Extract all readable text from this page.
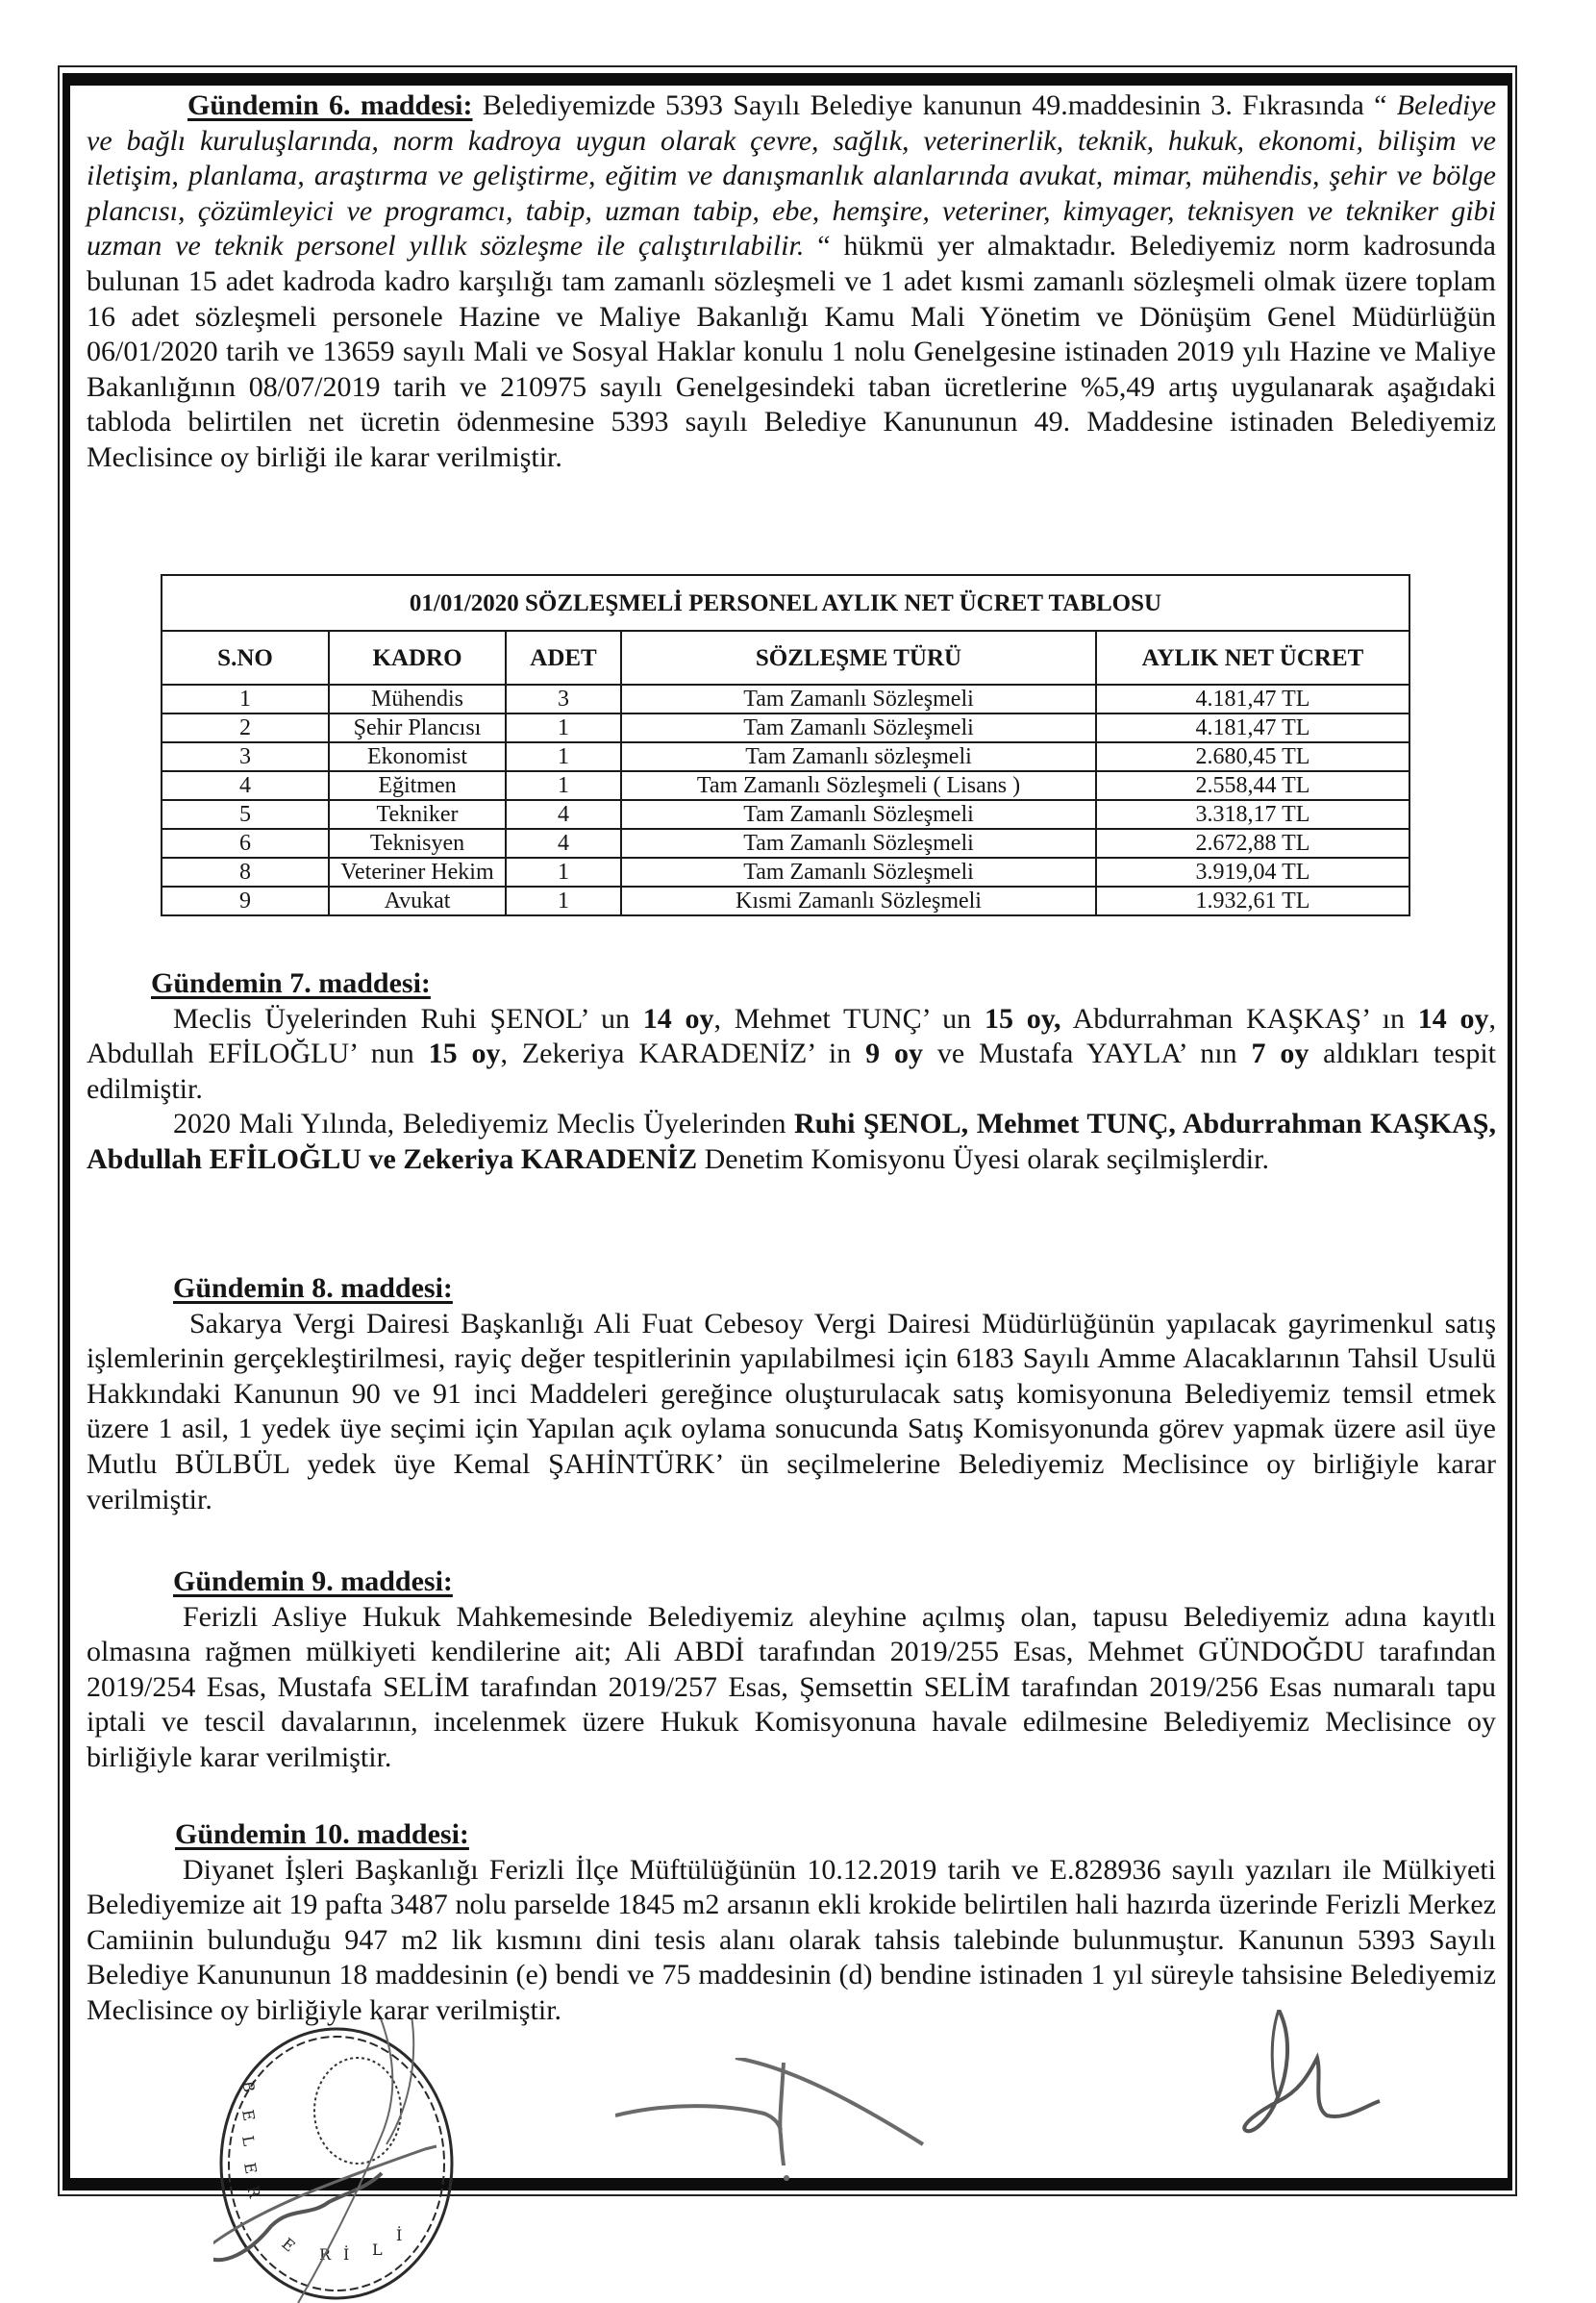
Gündemin 6. maddesi: Belediyemizde 5393 Sayılı Belediye kanunun 49.maddesinin 3. Fıkrasında “ Belediye ve bağlı kuruluşlarında, norm kadroya uygun olarak çevre, sağlık, veterinerlik, teknik, hukuk, ekonomi, bilişim ve iletişim, planlama, araştırma ve geliştirme, eğitim ve danışmanlık alanlarında avukat, mimar, mühendis, şehir ve bölge plancısı, çözümleyici ve programcı, tabip, uzman tabip, ebe, hemşire, veteriner, kimyager, teknisyen ve tekniker gibi uzman ve teknik personel yıllık sözleşme ile çalıştırılabilir. “ hükmü yer almaktadır. Belediyemiz norm kadrosunda bulunan 15 adet kadroda kadro karşılığı tam zamanlı sözleşmeli ve 1 adet kısmi zamanlı sözleşmeli olmak üzere toplam 16 adet sözleşmeli personele Hazine ve Maliye Bakanlığı Kamu Mali Yönetim ve Dönüşüm Genel Müdürlüğün 06/01/2020 tarih ve 13659 sayılı Mali ve Sosyal Haklar konulu 1 nolu Genelgesine istinaden 2019 yılı Hazine ve Maliye Bakanlığının 08/07/2019 tarih ve 210975 sayılı Genelgesindeki taban ücretlerine %5,49 artış uygulanarak aşağıdaki tabloda belirtilen net ücretin ödenmesine 5393 sayılı Belediye Kanununun 49. Maddesine istinaden Belediyemiz Meclisince oy birliği ile karar verilmiştir.

01/01/2020 SÖZLEŞMELİ PERSONEL AYLIK NET ÜCRET TABLOSU				
S.NO	KADRO	ADET	SÖZLEŞME TÜRÜ	AYLIK NET ÜCRET
1	Mühendis	3	Tam Zamanlı Sözleşmeli	4.181,47 TL
2	Şehir Plancısı	1	Tam Zamanlı Sözleşmeli	4.181,47 TL
3	Ekonomist	1	Tam Zamanlı sözleşmeli	2.680,45 TL
4	Eğitmen	1	Tam Zamanlı Sözleşmeli ( Lisans )	2.558,44 TL
5	Tekniker	4	Tam Zamanlı Sözleşmeli	3.318,17 TL
6	Teknisyen	4	Tam Zamanlı Sözleşmeli	2.672,88 TL
8	Veteriner Hekim	1	Tam Zamanlı Sözleşmeli	3.919,04 TL
9	Avukat	1	Kısmi Zamanlı Sözleşmeli	1.932,61 TL

Gündemin 7. maddesi:

Meclis Üyelerinden Ruhi ŞENOL’ un 14 oy, Mehmet TUNÇ’ un 15 oy, Abdurrahman KAŞKAŞ’ ın 14 oy, Abdullah EFİLOĞLU’ nun 15 oy, Zekeriya KARADENİZ’ in 9 oy ve Mustafa YAYLA’ nın 7 oy aldıkları tespit edilmiştir.

2020 Mali Yılında, Belediyemiz Meclis Üyelerinden Ruhi ŞENOL, Mehmet TUNÇ, Abdurrahman KAŞKAŞ, Abdullah EFİLOĞLU ve Zekeriya KARADENİZ Denetim Komisyonu Üyesi olarak seçilmişlerdir.

Gündemin 8. maddesi:

Sakarya Vergi Dairesi Başkanlığı Ali Fuat Cebesoy Vergi Dairesi Müdürlüğünün yapılacak gayrimenkul satış işlemlerinin gerçekleştirilmesi, rayiç değer tespitlerinin yapılabilmesi için 6183 Sayılı Amme Alacaklarının Tahsil Usulü Hakkındaki Kanunun 90 ve 91 inci Maddeleri gereğince oluşturulacak satış komisyonuna Belediyemiz temsil etmek üzere 1 asil, 1 yedek üye seçimi için Yapılan açık oylama sonucunda Satış Komisyonunda görev yapmak üzere asil üye Mutlu BÜLBÜL yedek üye Kemal ŞAHİNTÜRK’ ün seçilmelerine Belediyemiz Meclisince oy birliğiyle karar verilmiştir.

Gündemin 9. maddesi:

Ferizli Asliye Hukuk Mahkemesinde Belediyemiz aleyhine açılmış olan, tapusu Belediyemiz adına kayıtlı olmasına rağmen mülkiyeti kendilerine ait; Ali ABDİ tarafından 2019/255 Esas, Mehmet GÜNDOĞDU tarafından 2019/254 Esas, Mustafa SELİM tarafından 2019/257 Esas, Şemsettin SELİM tarafından 2019/256 Esas numaralı tapu iptali ve tescil davalarının, incelenmek üzere Hukuk Komisyonuna havale edilmesine Belediyemiz Meclisince oy birliğiyle karar verilmiştir.

Gündemin 10. maddesi:

Diyanet İşleri Başkanlığı Ferizli İlçe Müftülüğünün 10.12.2019 tarih ve E.828936 sayılı yazıları ile Mülkiyeti Belediyemize ait 19 pafta 3487 nolu parselde 1845 m2 arsanın ekli krokide belirtilen hali hazırda üzerinde Ferizli Merkez Camiinin bulunduğu 947 m2 lik kısmını dini tesis alanı olarak tahsis talebinde bulunmuştur. Kanunun 5393 Sayılı Belediye Kanununun 18 maddesinin (e) bendi ve 75 maddesinin (d) bendine istinaden 1 yıl süreyle tahsisine Belediyemiz Meclisince oy birliğiyle karar verilmiştir.

B
E
L
E
R
E R İ L
İ
